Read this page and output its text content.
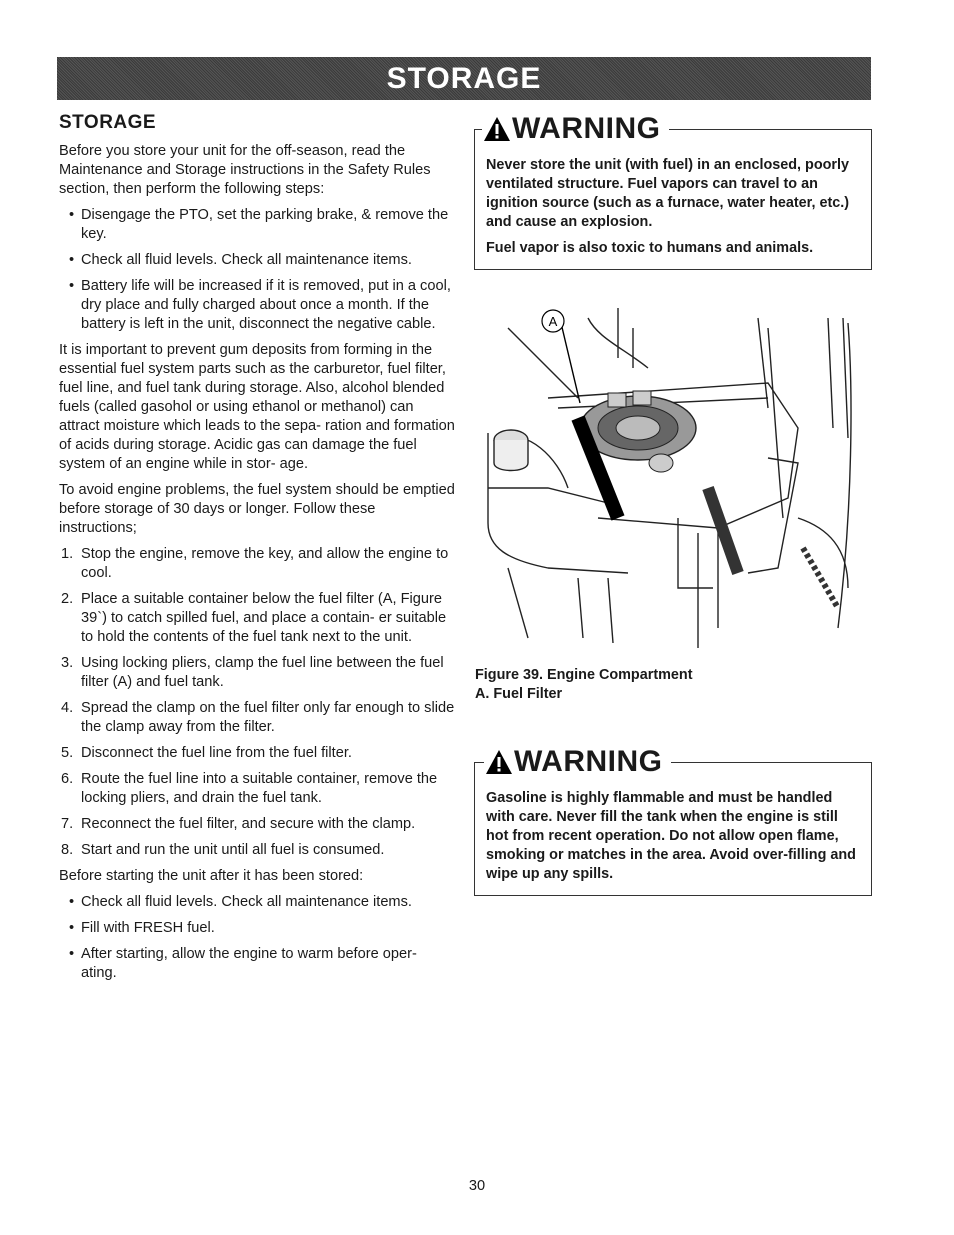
STORAGE
STORAGE

Before you store your unit for the off-season, read the Maintenance and Storage instructions in the Safety Rules section, then perform the following steps:

• Disengage the PTO, set the parking brake, & remove the key.
• Check all fluid levels. Check all maintenance items.
• Battery life will be increased if it is removed, put in a cool, dry place and fully charged about once a month. If the battery is left in the unit, disconnect the negative cable.

It is important to prevent gum deposits from forming in the essential fuel system parts such as the carburetor, fuel filter, fuel line, and fuel tank during storage. Also, alcohol blended fuels (called gasohol or using ethanol or methanol) can attract moisture which leads to the sepa- ration and formation of acids during storage. Acidic gas can damage the fuel system of an engine while in stor- age.

To avoid engine problems, the fuel system should be emptied before storage of 30 days or longer. Follow these instructions;

1. Stop the engine, remove the key, and allow the engine to cool.
2. Place a suitable container below the fuel filter (A, Figure 39`) to catch spilled fuel, and place a contain- er suitable to hold the contents of the fuel tank next to the unit.
3. Using locking pliers, clamp the fuel line between the fuel filter (A) and fuel tank.
4. Spread the clamp on the fuel filter only far enough to slide the clamp away from the filter.
5. Disconnect the fuel line from the fuel filter.
6. Route the fuel line into a suitable container, remove the locking pliers, and drain the fuel tank.
7. Reconnect the fuel filter, and secure with the clamp.
8. Start and run the unit until all fuel is consumed.

Before starting the unit after it has been stored:

• Check all fluid levels. Check all maintenance items.
• Fill with FRESH fuel.
• After starting, allow the engine to warm before oper- ating.
WARNING

Never store the unit (with fuel) in an enclosed, poorly ventilated structure. Fuel vapors can travel to an ignition source (such as a furnace, water heater, etc.) and cause an explosion.

Fuel vapor is also toxic to humans and animals.

A
Figure 39. Engine Compartment
A. Fuel Filter
WARNING

Gasoline is highly flammable and must be handled with care. Never fill the tank when the engine is still hot from recent operation. Do not allow open flame, smoking or matches in the area. Avoid over-filling and wipe up any spills.

30
